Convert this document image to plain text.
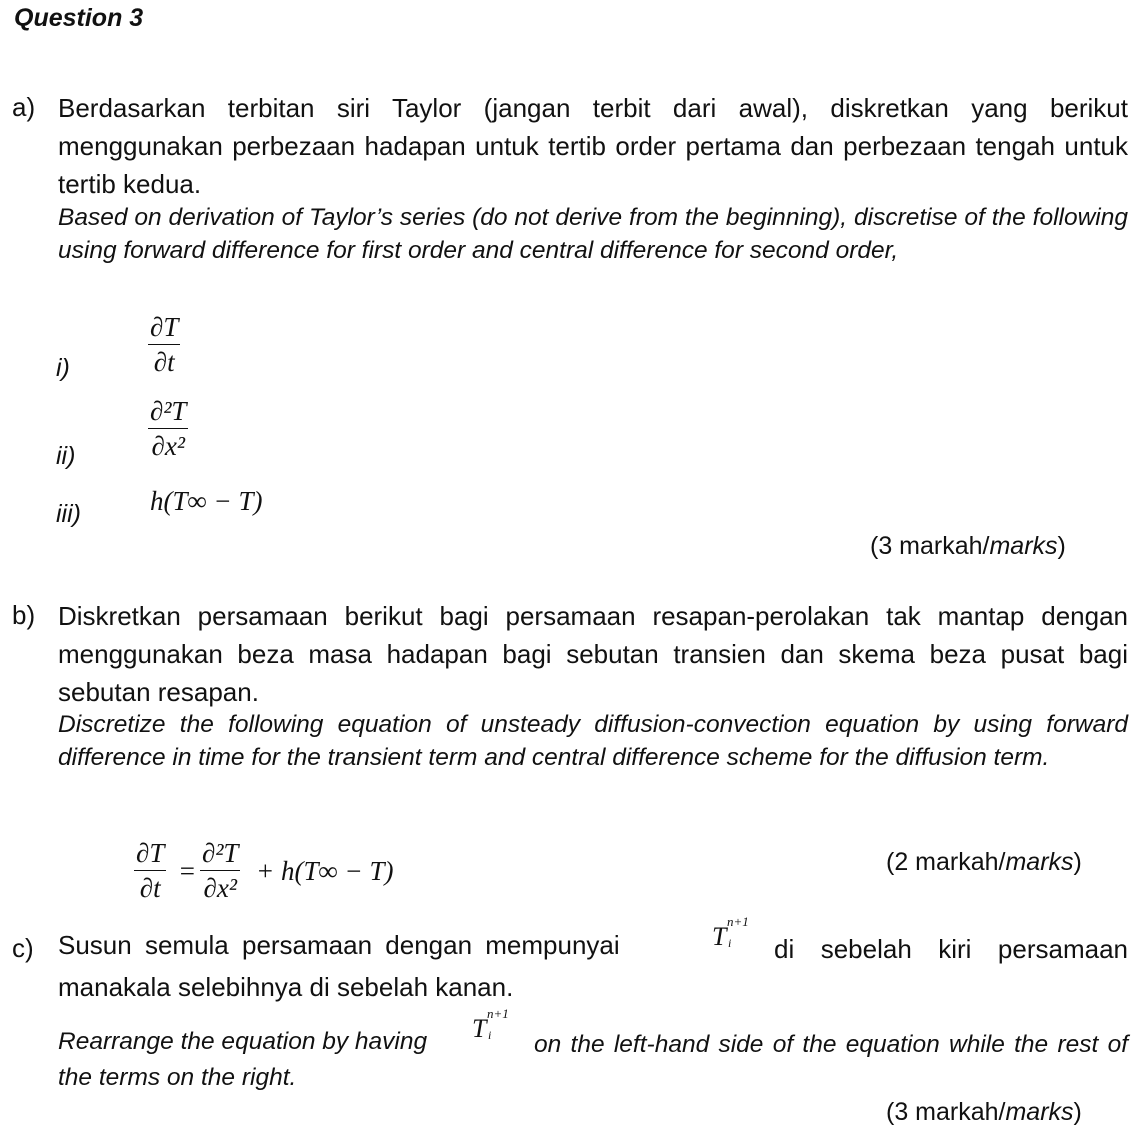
Question 3
a) Berdasarkan terbitan siri Taylor (jangan terbit dari awal), diskretkan yang berikut menggunakan perbezaan hadapan untuk tertib order pertama dan perbezaan tengah untuk tertib kedua.
Based on derivation of Taylor’s series (do not derive from the beginning), discretise of the following using forward difference for first order and central difference for second order,
i)	$\frac{\partial T}{\partial t}$
ii)	$\frac{\text{∂²T}}{\text{∂x²}}$
iii)	h(T∞ − T)
(3 markah/marks)
b) Diskretkan persamaan berikut bagi persamaan resapan-perolakan tak mantap dengan menggunakan beza masa hadapan bagi sebutan transien dan skema beza pusat bagi sebutan resapan.
Discretize the following equation of unsteady diffusion-convection equation by using forward difference in time for the transient term and central difference scheme for the diffusion term.
$\frac{\partial T}{\partial t} = \frac{\text{∂²T}}{\text{∂x²}} + h(T\infty - T)$	(2 markah/marks)
c) Susun semula persamaan dengan mempunyai	T
n+1
i	di sebelah kiri persamaan manakala selebihnya di sebelah kanan.
Rearrange the equation by having T
n+1
i	on the left-hand side of the equation while the rest of the terms on the right.
(3 markah/marks)
